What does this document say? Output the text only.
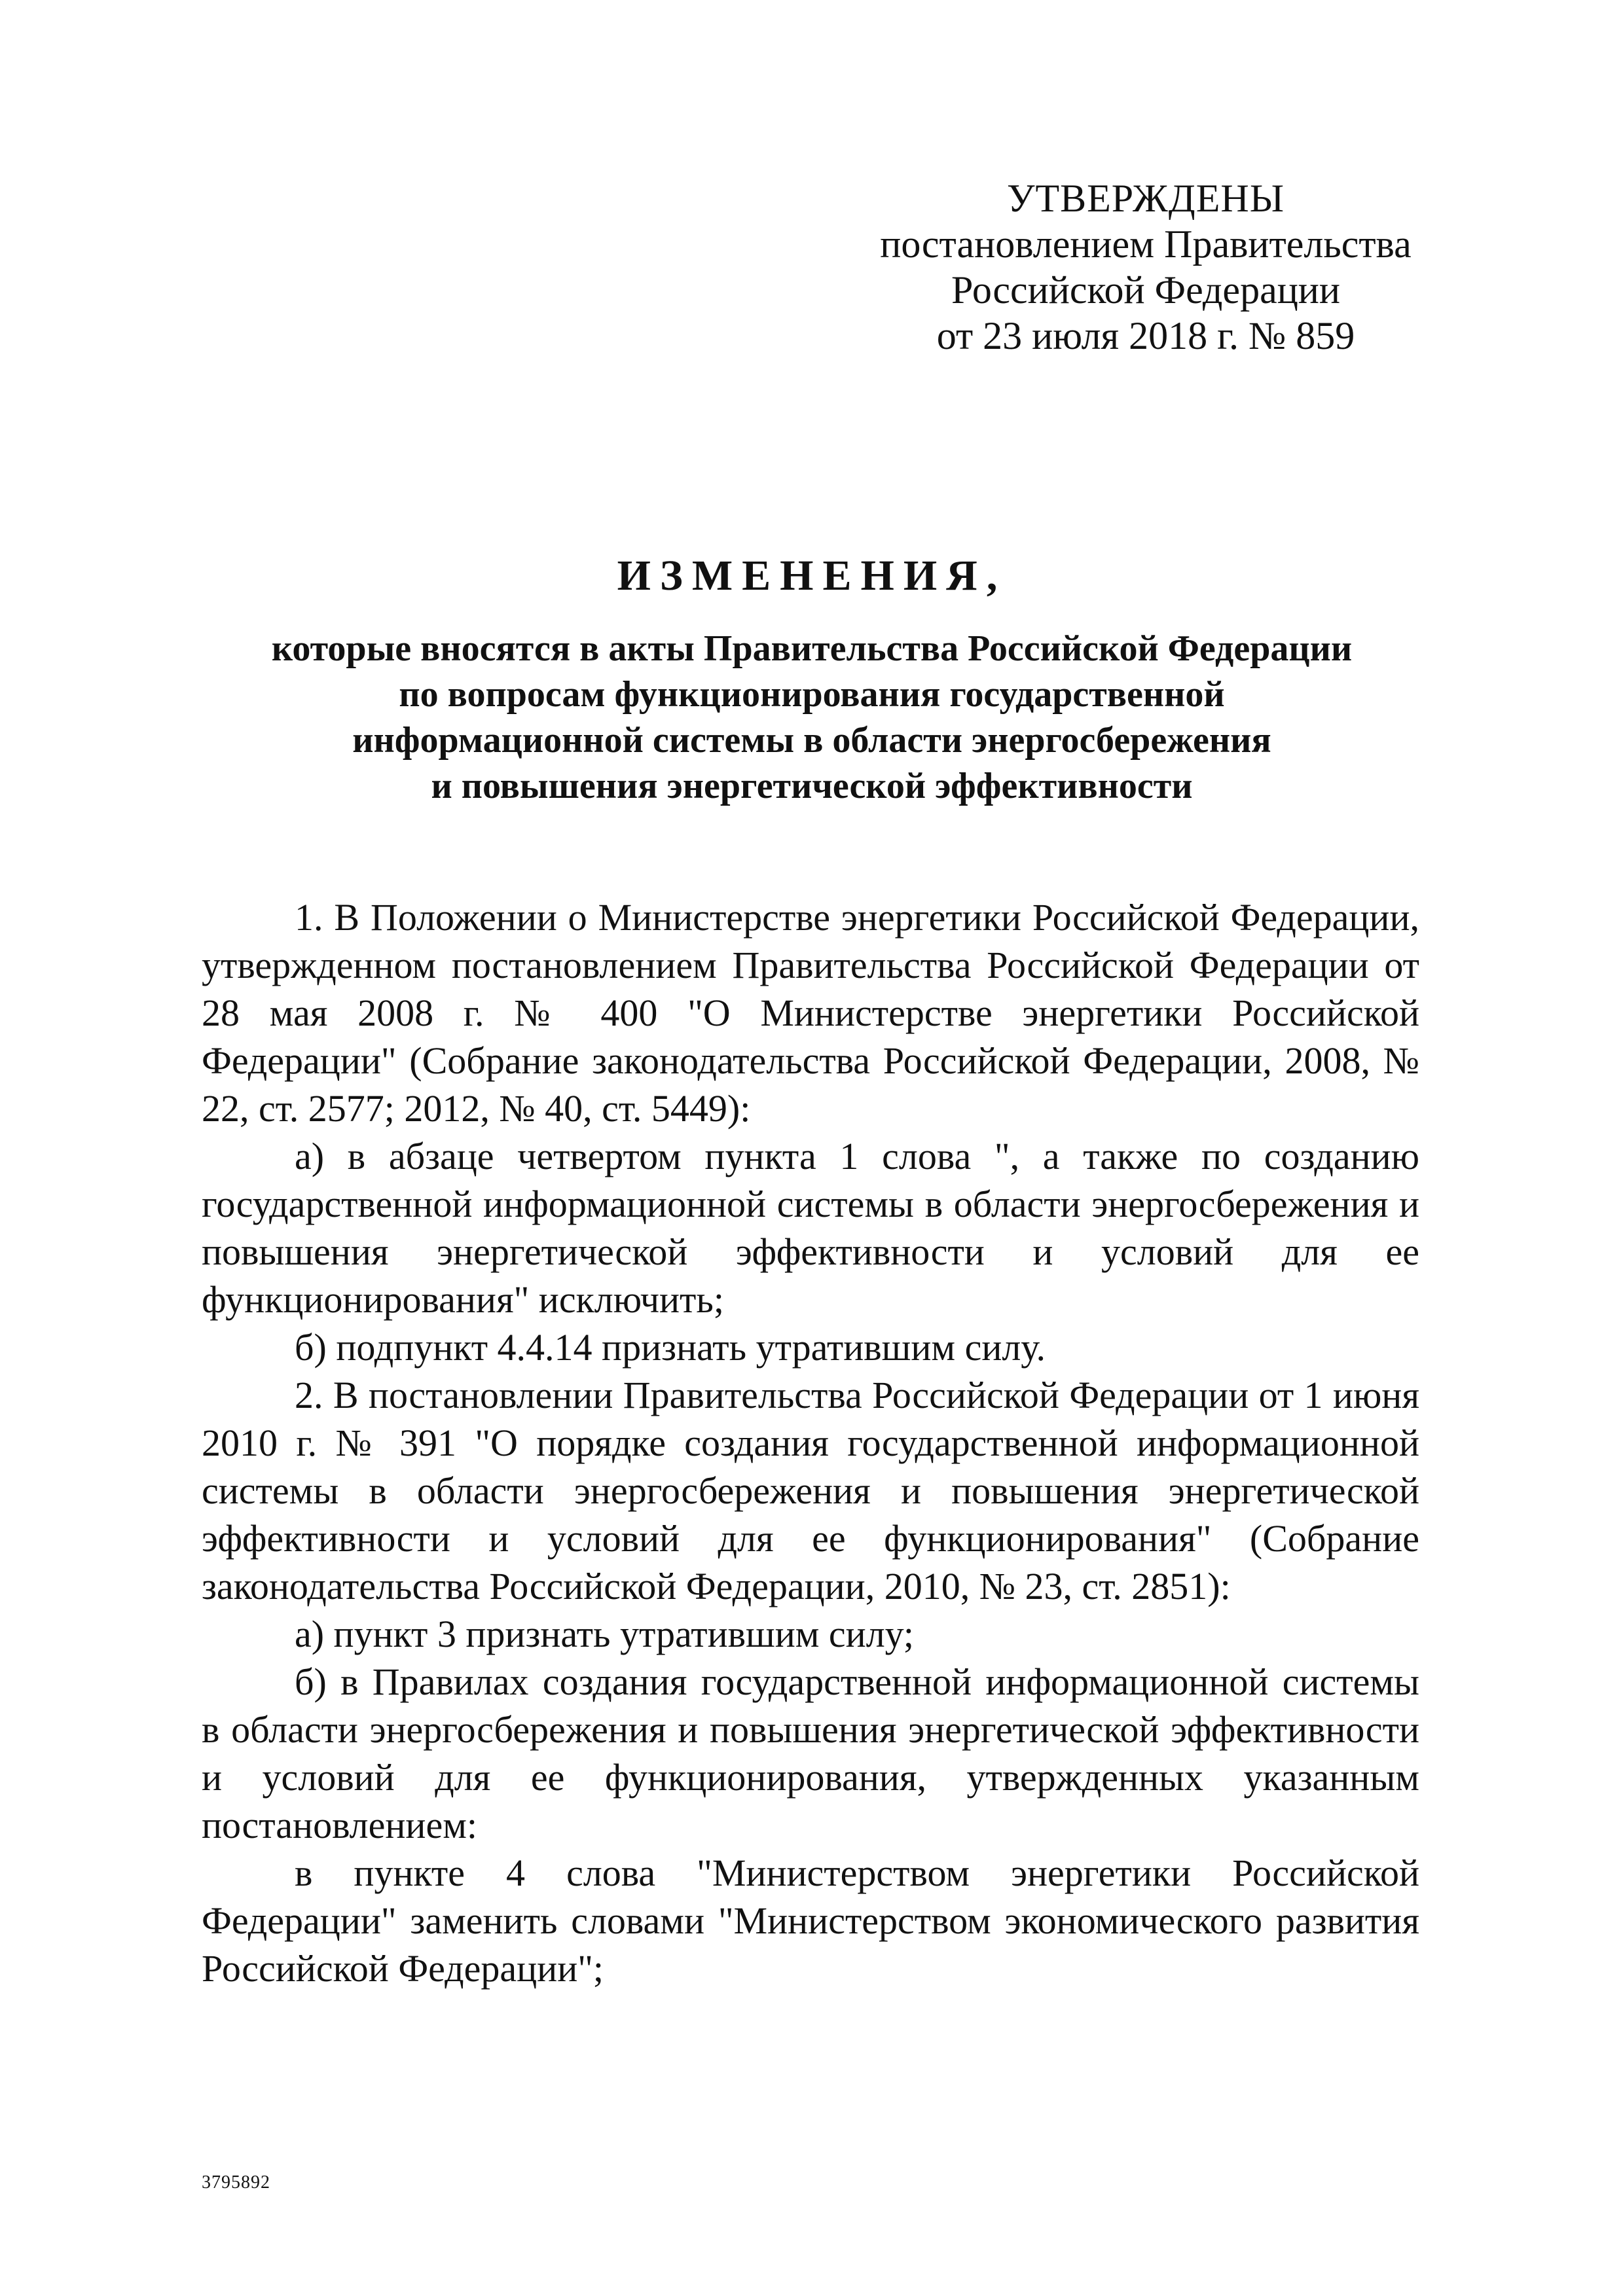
УТВЕРЖДЕНЫ
постановлением Правительства
Российской Федерации
от 23 июля 2018 г. № 859
ИЗМЕНЕНИЯ,
которые вносятся в акты Правительства Российской Федерации
по вопросам функционирования государственной
информационной системы в области энергосбережения
и повышения энергетической эффективности

1. В Положении о Министерстве энергетики Российской Федерации, утвержденном постановлением Правительства Российской Федерации от 28 мая 2008 г. № 400 "О Министерстве энергетики Российской Федерации" (Собрание законодательства Российской Федерации, 2008, № 22, ст. 2577; 2012, № 40, ст. 5449):

а) в абзаце четвертом пункта 1 слова ", а также по созданию государственной информационной системы в области энергосбережения и повышения энергетической эффективности и условий для ее функционирования" исключить;

б) подпункт 4.4.14 признать утратившим силу.

2. В постановлении Правительства Российской Федерации от 1 июня 2010 г. № 391 "О порядке создания государственной информационной системы в области энергосбережения и повышения энергетической эффективности и условий для ее функционирования" (Собрание законодательства Российской Федерации, 2010, № 23, ст. 2851):

а) пункт 3 признать утратившим силу;

б) в Правилах создания государственной информационной системы в области энергосбережения и повышения энергетической эффективности и условий для ее функционирования, утвержденных указанным постановлением:

в пункте 4 слова "Министерством энергетики Российской Федерации" заменить словами "Министерством экономического развития Российской Федерации";

3795892
